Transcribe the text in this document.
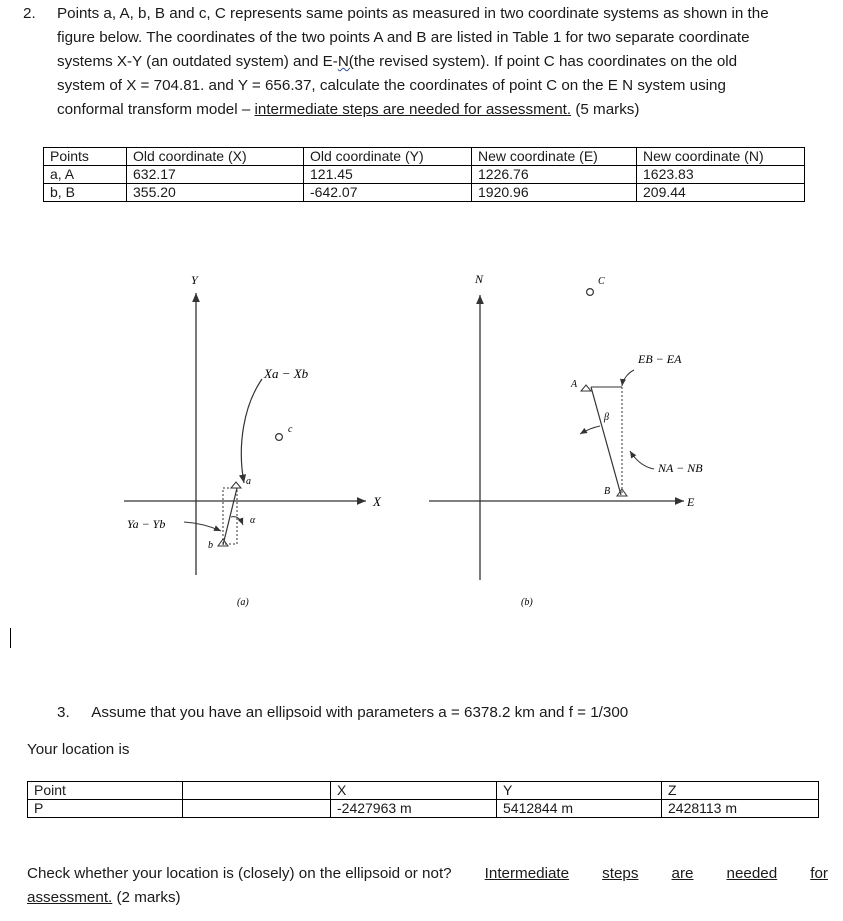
2. Points a, A, b, B and c, C represents same points as measured in two coordinate systems as shown in the
figure below. The coordinates of the two points A and B are listed in Table 1 for two separate coordinate
systems X-Y (an outdated system) and E-N(the revised system). If point C has coordinates on the old
system of X = 704.81. and Y = 656.37, calculate the coordinates of point C on the E N system using
conformal transform model – intermediate steps are needed for assessment. (5 marks)
Points	Old coordinate (X)	Old coordinate (Y)	New coordinate (E)	New coordinate (N)
a, A	632.17	121.45	1226.76	1623.83
b, B	355.20	-642.07	1920.96	209.44
Y
X
Xa − Xb
c
a
b
α
Ya − Yb
(a)
N
E
C
EB − EA
A
β
B
NA − NB
(b)
3. Assume that you have an ellipsoid with parameters a = 6378.2 km and f = 1/300
Your location is
Point		X	Y	Z
P		-2427963 m	5412844 m	2428113 m
Check whether your location is (closely) on the ellipsoid or not? Intermediate steps are needed for
assessment. (2 marks)
